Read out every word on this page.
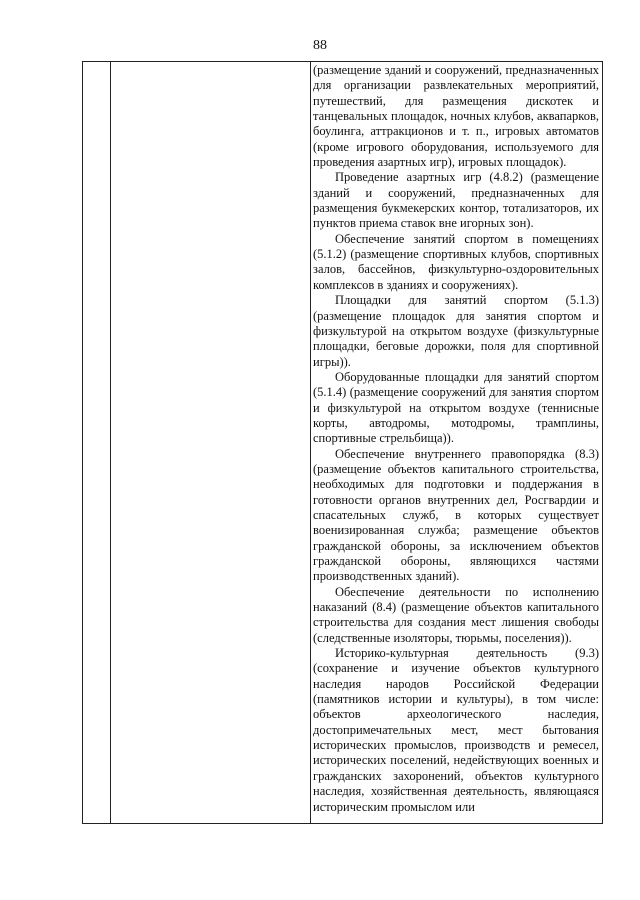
88

(размещение зданий и сооружений, предназначенных для организации развлекательных мероприятий, путешествий, для размещения дискотек и танцевальных площадок, ночных клубов, аквапарков, боулинга, аттракционов и т. п., игровых автоматов (кроме игрового оборудования, используемого для проведения азартных игр), игровых площадок).

Проведение азартных игр (4.8.2) (размещение зданий и сооружений, предназначенных для размещения букмекерских контор, тотализаторов, их пунктов приема ставок вне игорных зон).

Обеспечение занятий спортом в помещениях (5.1.2) (размещение спортивных клубов, спортивных залов, бассейнов, физкультурно-оздоровительных комплексов в зданиях и сооружениях).

Площадки для занятий спортом (5.1.3) (размещение площадок для занятия спортом и физкультурой на открытом воздухе (физкультурные площадки, беговые дорожки, поля для спортивной игры)).

Оборудованные площадки для занятий спортом (5.1.4) (размещение сооружений для занятия спортом и физкультурой на открытом воздухе (теннисные корты, автодромы, мотодромы, трамплины, спортивные стрельбища)).

Обеспечение внутреннего правопорядка (8.3) (размещение объектов капитального строительства, необходимых для подготовки и поддержания в готовности органов внутренних дел, Росгвардии и спасательных служб, в которых существует военизированная служба; размещение объектов гражданской обороны, за исключением объектов гражданской обороны, являющихся частями производственных зданий).

Обеспечение деятельности по исполнению наказаний (8.4) (размещение объектов капитального строительства для создания мест лишения свободы (следственные изоляторы, тюрьмы, поселения)).

Историко-культурная деятельность (9.3) (сохранение и изучение объектов культурного наследия народов Российской Федерации (памятников истории и культуры), в том числе: объектов археологического наследия, достопримечательных мест, мест бытования исторических промыслов, производств и ремесел, исторических поселений, недействующих военных и гражданских захоронений, объектов культурного наследия, хозяйственная деятельность, являющаяся историческим промыслом или
